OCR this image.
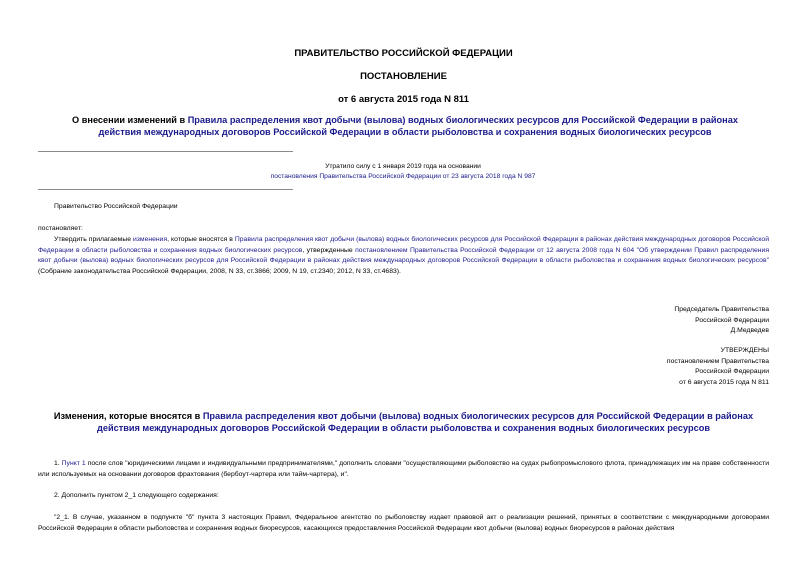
ПРАВИТЕЛЬСТВО РОССИЙСКОЙ ФЕДЕРАЦИИ
ПОСТАНОВЛЕНИЕ
от 6 августа 2015 года N 811
О внесении изменений в Правила распределения квот добычи (вылова) водных биологических ресурсов для Российской Федерации в районах действия международных договоров Российской Федерации в области рыболовства и сохранения водных биологических ресурсов
Утратило силу с 1 января 2019 года на основании
постановления Правительства Российской Федерации от 23 августа 2018 года N 987
Правительство Российской Федерации
постановляет:
Утвердить прилагаемые изменения, которые вносятся в Правила распределения квот добычи (вылова) водных биологических ресурсов для Российской Федерации в районах действия международных договоров Российской Федерации в области рыболовства и сохранения водных биологических ресурсов, утвержденные постановлением Правительства Российской Федерации от 12 августа 2008 года N 604 "Об утверждении Правил распределения квот добычи (вылова) водных биологических ресурсов для Российской Федерации в районах действия международных договоров Российской Федерации в области рыболовства и сохранения водных биологических ресурсов" (Собрание законодательства Российской Федерации, 2008, N 33, ст.3866; 2009, N 19, ст.2340; 2012, N 33, ст.4683).
Председатель Правительства
Российской Федерации
Д.Медведев
УТВЕРЖДЕНЫ
постановлением Правительства
Российской Федерации
от 6 августа 2015 года N 811
Изменения, которые вносятся в Правила распределения квот добычи (вылова) водных биологических ресурсов для Российской Федерации в районах действия международных договоров Российской Федерации в области рыболовства и сохранения водных биологических ресурсов
1. Пункт 1 после слов "юридическими лицами и индивидуальными предпринимателями," дополнить словами "осуществляющими рыболовство на судах рыбопромыслового флота, принадлежащих им на праве собственности или используемых на основании договоров фрахтования (бербоут-чартера или тайм-чартера), и".
2. Дополнить пунктом 2_1 следующего содержания:
"2_1. В случае, указанном в подпункте "б" пункта 3 настоящих Правил, Федеральное агентство по рыболовству издает правовой акт о реализации решений, принятых в соответствии с международными договорами Российской Федерации в области рыболовства и сохранения водных биоресурсов, касающихся предоставления Российской Федерации квот добычи (вылова) водных биоресурсов в районах действия
